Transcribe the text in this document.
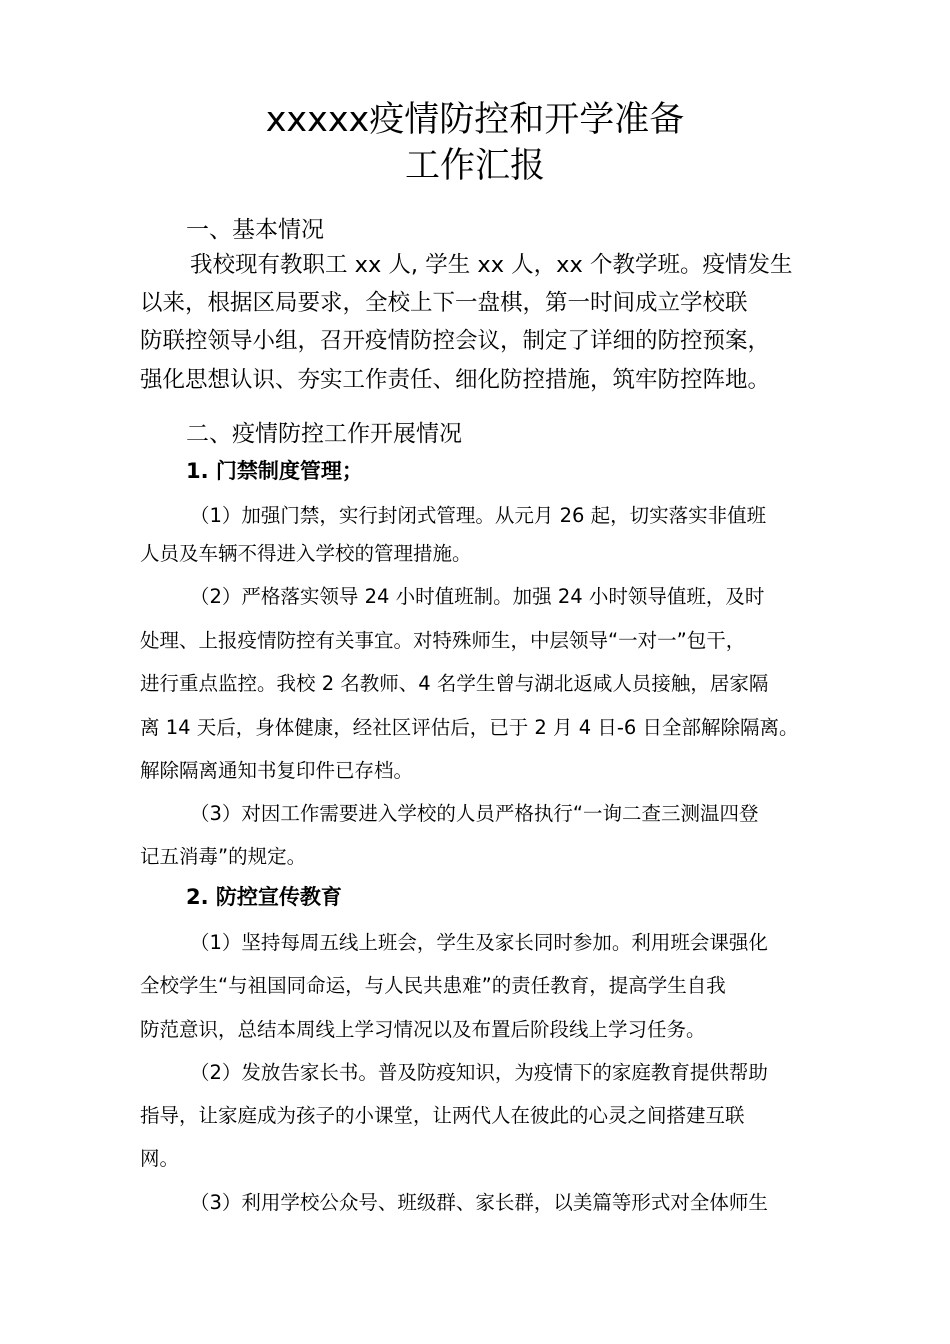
xxxxx疫情防控和开学准备
工作汇报
一、基本情况
我校现有教职工 xx 人, 学生 xx 人，xx 个教学班。疫情发生
以来，根据区局要求，全校上下一盘棋，第一时间成立学校联
防联控领导小组，召开疫情防控会议，制定了详细的防控预案，
强化思想认识、夯实工作责任、细化防控措施，筑牢防控阵地。
二、疫情防控工作开展情况
1. 门禁制度管理；
（1）加强门禁，实行封闭式管理。从元月 26 起，切实落实非值班
人员及车辆不得进入学校的管理措施。
（2）严格落实领导 24 小时值班制。加强 24 小时领导值班，及时
处理、上报疫情防控有关事宜。对特殊师生，中层领导“一对一”包干，
进行重点监控。我校 2 名教师、4 名学生曾与湖北返咸人员接触，居家隔
离 14 天后，身体健康，经社区评估后，已于 2 月 4 日-6 日全部解除隔离。
解除隔离通知书复印件已存档。
（3）对因工作需要进入学校的人员严格执行“一询二查三测温四登
记五消毒”的规定。
2. 防控宣传教育
（1）坚持每周五线上班会，学生及家长同时参加。利用班会课强化
全校学生“与祖国同命运，与人民共患难”的责任教育，提高学生自我
防范意识，总结本周线上学习情况以及布置后阶段线上学习任务。
（2）发放告家长书。普及防疫知识，为疫情下的家庭教育提供帮助
指导，让家庭成为孩子的小课堂，让两代人在彼此的心灵之间搭建互联
网。
（3）利用学校公众号、班级群、家长群，以美篇等形式对全体师生
